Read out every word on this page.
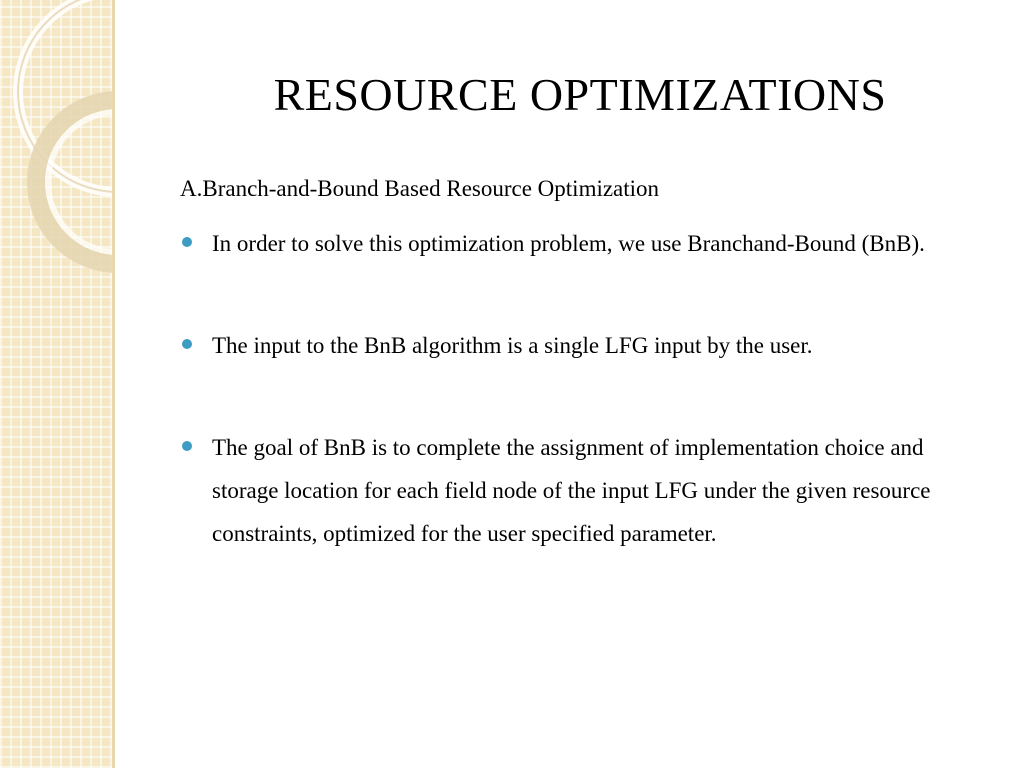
RESOURCE OPTIMIZATIONS
A.Branch-and-Bound Based Resource Optimization
In order to solve this optimization problem, we use Branchand-Bound (BnB).
The input to the BnB algorithm is a single LFG input by the user.
The goal of BnB is to complete the assignment of implementation choice and storage location for each field node of the input LFG under the given resource constraints, optimized for the user specified parameter.
